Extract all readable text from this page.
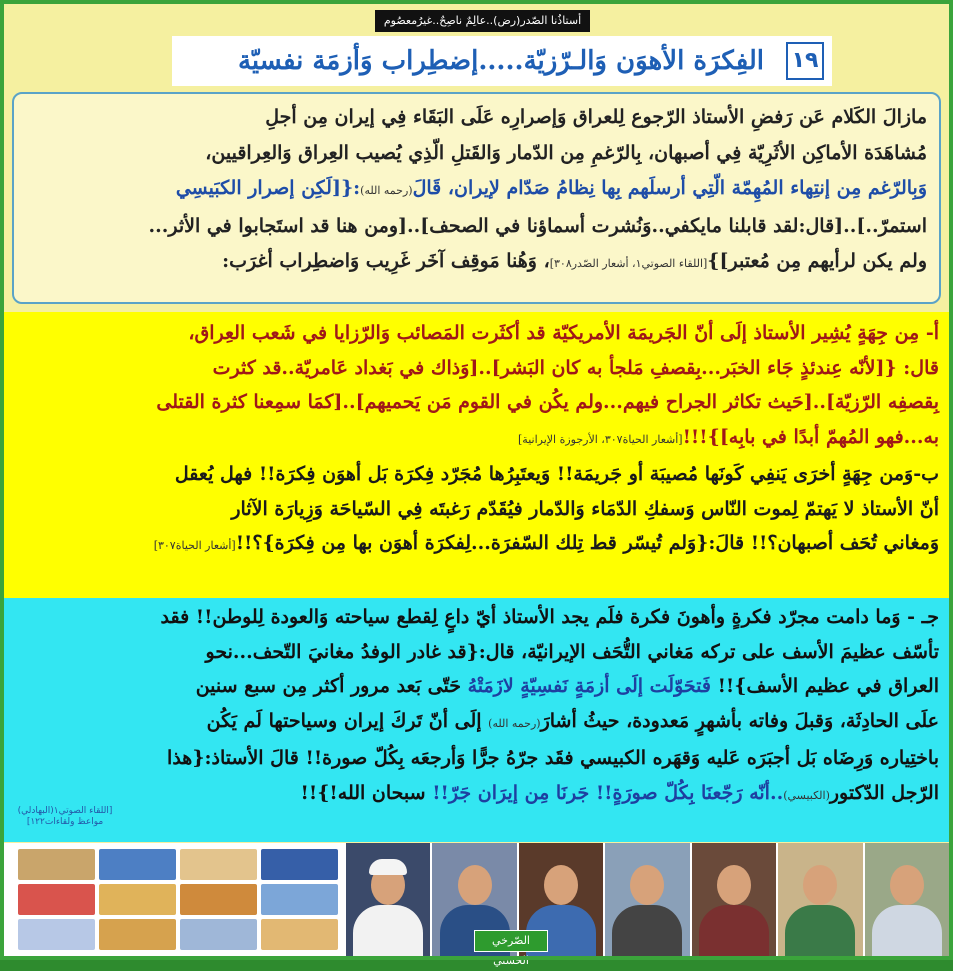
أستاذُنا الصّدر(رض)..عالِمٌ ناصِحٌ..غيرُمعصُوم
١٩
الفِكرَة الأهوَن وَالـرّزيّة.....إضطِراب وَأزمَة نفسيّة

مازالَ الكَلام عَن رَفضِ الأستاذ الرّجوع لِلعراق وَإصرارِه عَلَى البَقَاء فِي إيران مِن أجلِ
مُشاهَدَة الأماكِن الأثَرِيّة فِي أصبهان، بِالرّغمِ مِن الدّمار وَالقَتلِ الّذِي يُصيب العِراق وَالعِراقيين،
وَبِالرّغم مِن إنتِهاء المُهِمّة الّتِي أرسلَهم بِها نِظامُ صَدّام لإيران، قَالَ(رحمه الله):{[لَكِن إصرار الكبَيسِي
استمرّ..]..[قال:لقد قابلنا مايكفي..وَنُشرت أسماؤنا في الصحف]..[ومن هنا قد استَجابوا في الأثر...
ولم يكن لرأيهم مِن مُعتبر]}[اللقاء الصوتي١، أشعار الصّدر٣٠٨]، وَهُنا مَوقِف آخَر غَرِيب وَاضطِراب أغرَب:

أ- مِن جِهَةٍ يُشِير الأستاذ إلَى أنّ الجَريمَة الأمريكيّة قد أكثَرت المَصائب وَالرّزايا في شَعب العِراق،
قال: {[لأنّه عِندئذٍ جَاء الخبَر...بِقصفِ مَلجأ به كان البَشر]..[وَذاك في بَغداد عَامريّة..قد كثرت
بِقصفِه الرّزيّة]..[حَيث تكاثر الجراح فيهم...ولم يكُن في القوم مَن يَحميهم]..[كمَا سمِعنا كثرة القتلى
به...فهو المُهمّ أبدًا في بابِه]}!!![أشعار الحياة٣٠٧، الأرجوزة الإيرانية]
ب-وَمن جِهَةٍ أخرَى يَنفِي كَونَها مُصيبَة أو جَريمَة!! وَيعتَبِرُها مُجَرّد فِكرَة بَل أهوَن فِكرَة!! فهل يُعقل
أنّ الأستاذ لا يَهتمّ لِموت النّاس وَسفكِ الدّمَاء وَالدّمار فيُقَدّم رَغبتَه فِي السّياحَة وَزِيارَة الآثار
وَمغاني تُحَف أصبهان؟!! قالَ:{وَلم تُيسّر قط تِلك السّفرَة...لِفكرَة أهوَن بها مِن فِكرَة}؟!![أشعار الحياة٣٠٧]

جـ - وَما دامت مجرّد فكرةٍ وأهونَ فكرة فلَم يجد الأستاذ أيّ داعٍ لِقطع سياحته وَالعودة لِلوطن!! فقد
تأسّف عظيمَ الأسف على تركه مَغاني التُّحَف الإيرانيّة، قال:{قد غادر الوفدُ مغانيَ التّحف...نحو
العراق في عظيم الأسف}!! فَتحَوّلَت إلَى أزمَةٍ نَفسِيّةٍ لازَمَتْهُ حَتّى بَعد مرور أكثر مِن سبع سنين
علَى الحادِثَة، وَقبلَ وفاته بأشهرٍ مَعدودة، حيثُ أشارَ(رحمه الله) إلَى أنّ تَركَ إيران وسياحتها لَم يَكُن
باختِياره وَرِضَاه بَل أجبَرَه عَليه وَقهَره الكبيسي فقَد جرّهُ جرًّا وَأرجعَه بِكُلّ صورة!! قالَ الأستاذ:{هذا
الرّجل الدّكتور(الكبيسي)..أنّه رَجّعنَا بِكُلّ صورَةٍ!! جَرنَا مِن إيرَان جَرّ!! سبحان الله!}!!

[اللقاء الصوتي١(البهادلي) مواعظ ولقاءات١٢٢]
الصّرخي الحسني
